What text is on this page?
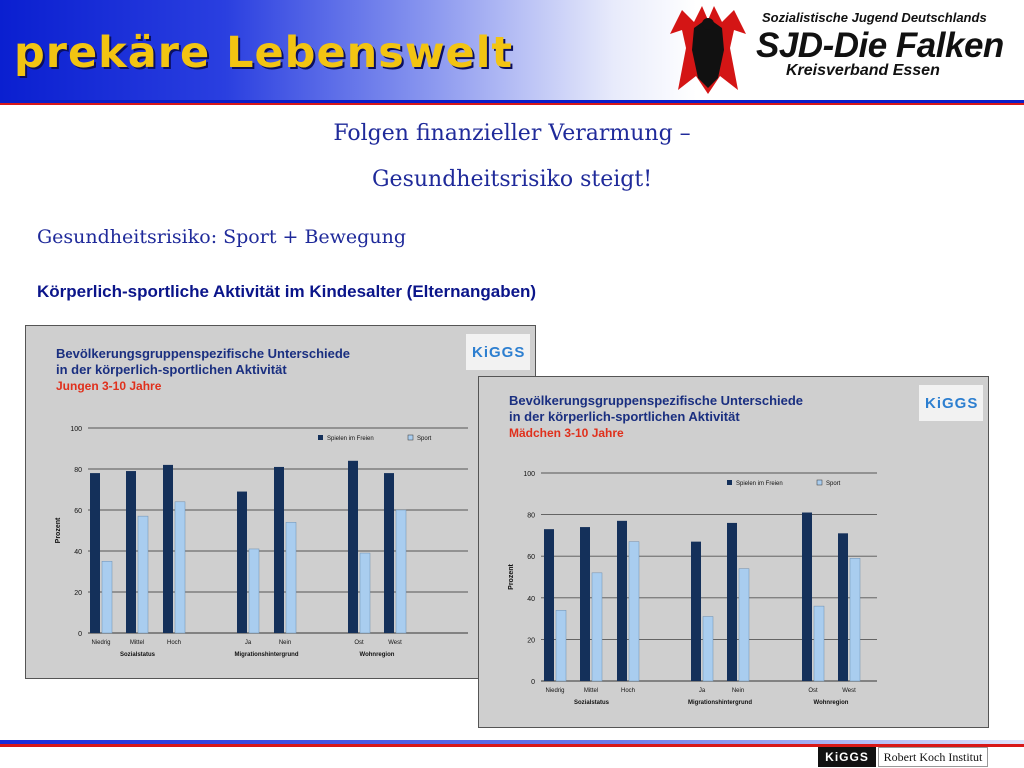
prekäre Lebenswelt
Sozialistische Jugend Deutschlands
SJD-Die Falken
Kreisverband Essen
Folgen finanzieller Verarmung –
Gesundheitsrisiko steigt!
Gesundheitsrisiko: Sport + Bewegung
Körperlich-sportliche Aktivität im Kindesalter (Elternangaben)
KiGGS
Bevölkerungsgruppenspezifische Unterschiede
in der körperlich-sportlichen Aktivität
Jungen 3-10 Jahre
0
20
40
60
80
100
Prozent
Niedrig	Mittel	Hoch	Ja	Nein	Ost	West
Sozialstatus	Migrationshintergrund	Wohnregion
Spielen im Freien	Sport
KiGGS
Bevölkerungsgruppenspezifische Unterschiede
in der körperlich-sportlichen Aktivität
Mädchen 3-10 Jahre
0
20
40
60
80
100
Prozent
Niedrig	Mittel	Hoch	Ja	Nein	Ost	West
Sozialstatus	Migrationshintergrund	Wohnregion
Spielen im Freien	Sport
KiGGS	Robert Koch Institut
